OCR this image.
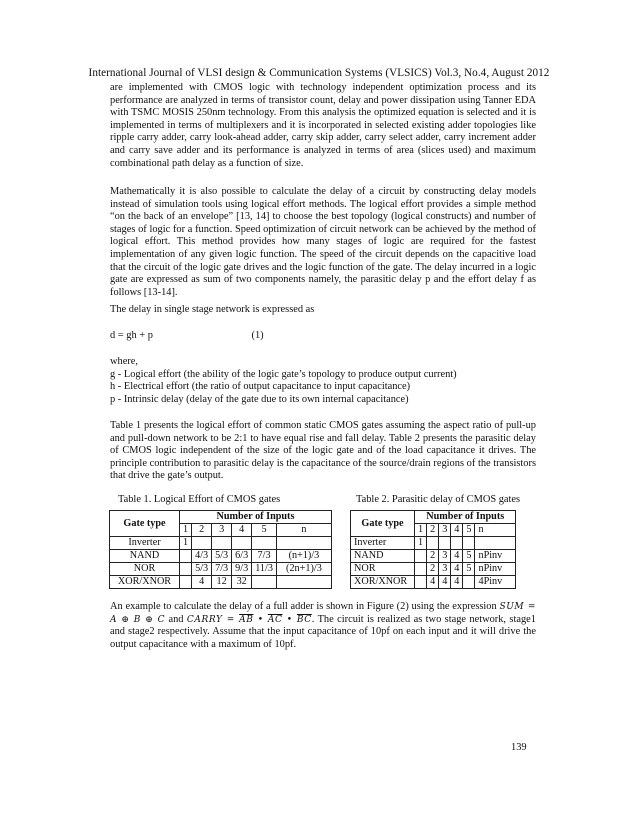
International Journal of VLSI design & Communication Systems (VLSICS) Vol.3, No.4, August 2012
are implemented with CMOS logic with technology independent optimization process and its performance are analyzed in terms of transistor count, delay and power dissipation using Tanner EDA with TSMC MOSIS 250nm technology. From this analysis the optimized equation is selected and it is implemented in terms of multiplexers and it is incorporated in selected existing adder topologies like ripple carry adder, carry look-ahead adder, carry skip adder, carry select adder, carry increment adder and carry save adder and its performance is analyzed in terms of area (slices used) and maximum combinational path delay as a function of size.
Mathematically it is also possible to calculate the delay of a circuit by constructing delay models instead of simulation tools using logical effort methods. The logical effort provides a simple method “on the back of an envelope” [13, 14] to choose the best topology (logical constructs) and number of stages of logic for a function. Speed optimization of circuit network can be achieved by the method of logical effort. This method provides how many stages of logic are required for the fastest implementation of any given logic function. The speed of the circuit depends on the capacitive load that the circuit of the logic gate drives and the logic function of the gate. The delay incurred in a logic gate are expressed as sum of two components namely, the parasitic delay p and the effort delay f as follows [13-14].
The delay in single stage network is expressed as
d = gh + p	(1)
where,
g - Logical effort (the ability of the logic gate’s topology to produce output current)
h - Electrical effort (the ratio of output capacitance to input capacitance)
p - Intrinsic delay (delay of the gate due to its own internal capacitance)
Table 1 presents the logical effort of common static CMOS gates assuming the aspect ratio of pull-up and pull-down network to be 2:1 to have equal rise and fall delay. Table 2 presents the parasitic delay of CMOS logic independent of the size of the logic gate and of the load capacitance it drives. The principle contribution to parasitic delay is the capacitance of the source/drain regions of the transistors that drive the gate’s output.
Table 1. Logical Effort of CMOS gates	Table 2. Parasitic delay of CMOS gates
Gate type	Number of Inputs					
	1	2	3	4	5	n
Inverter	1					
NAND		4/3	5/3	6/3	7/3	(n+1)/3
NOR		5/3	7/3	9/3	11/3	(2n+1)/3
XOR/XNOR		4	12	32		
Gate type	Number of Inputs					
	1	2	3	4	5	n
Inverter	1					
NAND		2	3	4	5	nPinv
NOR		2	3	4	5	nPinv
XOR/XNOR		4	4	4		4Pinv
An example to calculate the delay of a full adder is shown in Figure (2) using the expression SUM = A ⊕ B ⊕ C and CARRY = $\overline{AB}$ • $\overline{AC}$ • $\overline{BC}$. The circuit is realized as two stage network, stage1 and stage2 respectively. Assume that the input capacitance of 10pf on each input and it will drive the output capacitance with a maximum of 10pf.
139
